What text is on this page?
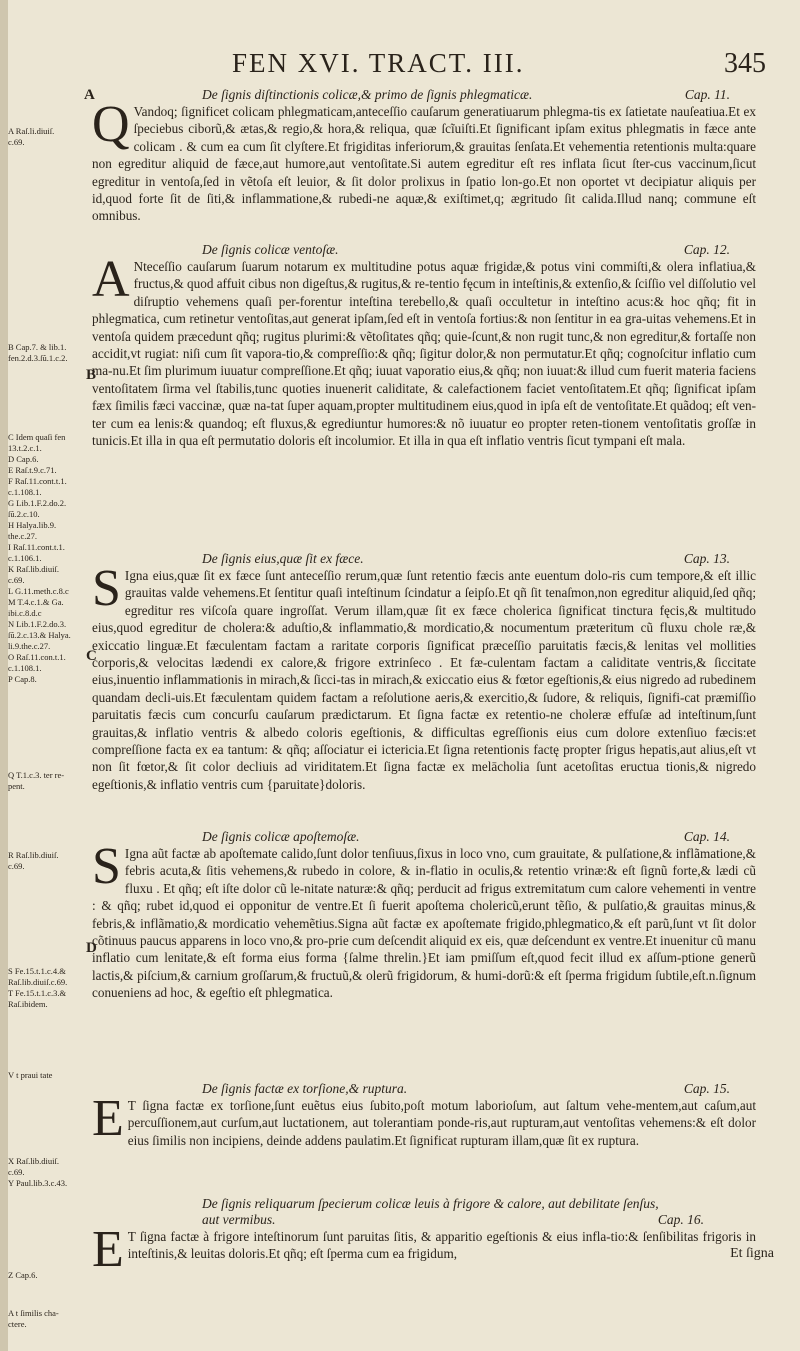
FEN XVI. TRACT. III.	345
A Raſ.li.diuiſ.
c.69.
B Cap.7. & lib.1.
fen.2.d.3.ſũ.1.c.2.
C Idem quaſi fen
13.t.2.c.1.
D Cap.6.
E Raſ.t.9.c.71.
F Raſ.11.cont.t.1.
c.1.108.1.
G Lib.1.F.2.do.2.
ſũ.2.c.10.
H Halya.lib.9.
the.c.27.
I Raſ.11.cont.t.1.
c.1.106.1.
K Raſ.lib.diuiſ.
c.69.
L G.11.meth.c.8.c
M T.4.c.1.& Ga.
ibi.c.8.d.c
N Lib.1.F.2.do.3.
ſũ.2.c.13.& Halya.
li.9.the.c.27.
O Raſ.11.con.t.1.
c.1.108.1.
P Cap.8.
Q T.1.c.3. ter re-
pent.
R Raſ.lib.diuiſ.
c.69.
S Fe.15.t.1.c.4.&
Raſ.lib.diuiſ.c.69.
T Fe.15.t.1.c.3.&
Raſ.ibidem.
V t praui tate
X Raſ.lib.diuiſ.
c.69.
Y Paul.lib.3.c.43.
Z Cap.6.
A t ſimilis cha-
ctere.
A
B
C
D
De ſignis diſtinctionis colicæ,& primo de ſignis phlegmaticæ.	Cap. 11.

Q Vandoq; ſignificet colicam phlegmaticam,anteceſſio cauſarum generatiuarum phlegma-tis ex ſatietate nauſeatiua.Et ex ſpeciebus ciborũ,& ætas,& regio,& hora,& reliqua, quæ ſcĩuiſti.Et ſignificant ipſam exitus phlegmatis in fæce ante colicam . & cum ea cum ſit clyſtere.Et frigiditas inferiorum,& grauitas ſenſata.Et vehementia retentionis multa:quare non egreditur aliquid de fæce,aut humore,aut ventoſitate.Si autem egreditur eſt res inflata ſicut ſter-cus vaccinum,ſicut egreditur in ventoſa,ſed in vẽtoſa eſt leuior, & ſit dolor prolixus in ſpatio lon-go.Et non oportet vt decipiatur aliquis per id,quod forte ſit de ſiti,& inflammatione,& rubedi-ne aquæ,& exiſtimet,q; ægritudo ſit calida.Illud nanq; commune eſt omnibus.

De ſignis colicæ ventoſæ.	Cap. 12.

A Nteceſſio cauſarum ſuarum notarum ex multitudine potus aquæ frigidæ,& potus vini commiſti,& olera inflatiua,& fructus,& quod affuit cibus non digeſtus,& rugitus,& re-tentio fęcum in inteſtinis,& extenſio,& ſciſſio vel diſſolutio vel diſruptio vehemens quaſi per-forentur inteſtina terebello,& quaſi occultetur in inteſtino acus:& hoc qñq; fit in phlegmatica, cum retinetur ventoſitas,aut generat ipſam,ſed eſt in ventoſa fortius:& non ſentitur in ea gra-uitas vehemens.Et in ventoſa quidem præcedunt qñq; rugitus plurimi:& vẽtoſitates qñq; quie-ſcunt,& non rugit tunc,& non egreditur,& fortaſſe non accidit,vt rugiat: niſi cum ſit vapora-tio,& compreſſio:& qñq; ſigitur dolor,& non permutatur.Et qñq; cognoſcitur inflatio cum ma-nu.Et ſim plurimum iuuatur compreſſione.Et qñq; iuuat vaporatio eius,& qñq; non iuuat:& illud cum fuerit materia faciens ventoſitatem ſirma vel ſtabilis,tunc quoties inuenerit caliditate, & calefactionem faciet ventoſitatem.Et qñq; ſignificat ipſam fæx ſimilis fæci vaccinæ, quæ na-tat ſuper aquam,propter multitudinem eius,quod in ipſa eſt de ventoſitate.Et quãdoq; eſt ven-ter cum ea lenis:& quandoq; eſt fluxus,& egrediuntur humores:& nõ iuuatur eo propter reten-tionem ventoſitatis groſſæ in tunicis.Et illa in qua eſt permutatio doloris eſt incolumior. Et illa in qua eſt inflatio ventris ſicut tympani eſt mala.

De ſignis eius,quæ ſit ex fæce.	Cap. 13.

S Igna eius,quæ ſit ex fæce ſunt anteceſſio rerum,quæ ſunt retentio fæcis ante euentum dolo-ris cum tempore,& eſt illic grauitas valde vehemens.Et ſentitur quaſi inteſtinum ſcindatur a ſeipſo.Et qñ ſit tenaſmon,non egreditur aliquid,ſed qñq; egreditur res viſcoſa quare ingroſſat. Verum illam,quæ ſit ex fæce cholerica ſignificat tinctura fęcis,& multitudo eius,quod egreditur de cholera:& aduſtio,& inflammatio,& mordicatio,& nocumentum præteritum cũ fluxu chole ræ,& exiccatio linguæ.Et fæculentam factam a raritate corporis ſignificat præceſſio paruitatis fæcis,& lenitas vel mollities corporis,& velocitas lædendi ex calore,& frigore extrinſeco . Et fæ-culentam factam a caliditate ventris,& ſiccitate eius,inuentio inflammationis in mirach,& ſicci-tas in mirach,& exiccatio eius & fœtor egeſtionis,& eius nigredo ad rubedinem quandam decli-uis.Et fæculentam quidem factam a reſolutione aeris,& exercitio,& ſudore, & reliquis, ſignifi-cat præmiſſio paruitatis fæcis cum concurſu cauſarum prædictarum. Et ſigna factæ ex retentio-ne choleræ effuſæ ad inteſtinum,ſunt grauitas,& inflatio ventris & albedo coloris egeſtionis, & difficultas egreſſionis eius cum dolore extenſiuo fæcis:et compreſſione facta ex ea tantum: & qñq; aſſociatur ei ictericia.Et ſigna retentionis factę propter ſrigus hepatis,aut alius,eſt vt non ſit fœtor,& ſit color decliuis ad viriditatem.Et ſigna factæ ex melācholia ſunt acetoſitas eructua tionis,& nigredo egeſtionis,& inflatio ventris cum {paruitate}doloris.

De ſignis colicæ apoſtemoſæ.	Cap. 14.

S Igna aũt factæ ab apoſtemate calido,ſunt dolor tenſiuus,ſixus in loco vno, cum grauitate, & pulſatione,& inflãmatione,& febris acuta,& ſitis vehemens,& rubedo in colore, & in-flatio in oculis,& retentio vrinæ:& eſt ſignũ forte,& lædi cũ fluxu . Et qñq; eſt iſte dolor cũ le-nitate naturæ:& qñq; perducit ad frigus extremitatum cum calore vehementi in ventre : & qñq; rubet id,quod ei opponitur de ventre.Et ſi fuerit apoſtema cholericũ,erunt tẽſio, & pulſatio,& grauitas minus,& febris,& inflãmatio,& mordicatio vehemẽtius.Signa aũt factæ ex apoſtemate frigido,phlegmatico,& eſt parũ,ſunt vt ſit dolor cõtinuus paucus apparens in loco vno,& pro-prie cum deſcendit aliquid ex eis, quæ deſcendunt ex ventre.Et inuenitur cũ manu inflatio cum lenitate,& eſt forma eius forma {ſalme threlin.}Et iam pmiſſum eſt,quod fecit illud ex aſſum-ptione generũ lactis,& piſcium,& carnium groſſarum,& fructuũ,& olerũ frigidorum, & humi-dorũ:& eſt ſperma frigidum ſubtile,eſt.n.ſignum conueniens ad hoc, & egeſtio eſt phlegmatica.

De ſignis factæ ex torſione,& ruptura.	Cap. 15.

E T ſigna factæ ex torſione,ſunt euẽtus eius ſubito,poſt motum laborioſum, aut ſaltum vehe-mentem,aut caſum,aut percuſſionem,aut curſum,aut luctationem, aut tolerantiam ponde-ris,aut rupturam,aut ventoſitas vehemens:& eſt dolor eius ſimilis non incipiens, deinde addens paulatim.Et ſignificat rupturam illam,quæ ſit ex ruptura.

De ſignis reliquarum ſpecierum colicæ leuis à frigore & calore, aut debilitate ſenſus,
aut vermibus.	Cap. 16.

E T ſigna factæ à frigore inteſtinorum ſunt paruitas ſitis, & apparitio egeſtionis & eius infla-tio:& ſenſibilitas frigoris in inteſtinis,& leuitas doloris.Et qñq; eſt ſperma cum ea frigidum,	Et ſigna
